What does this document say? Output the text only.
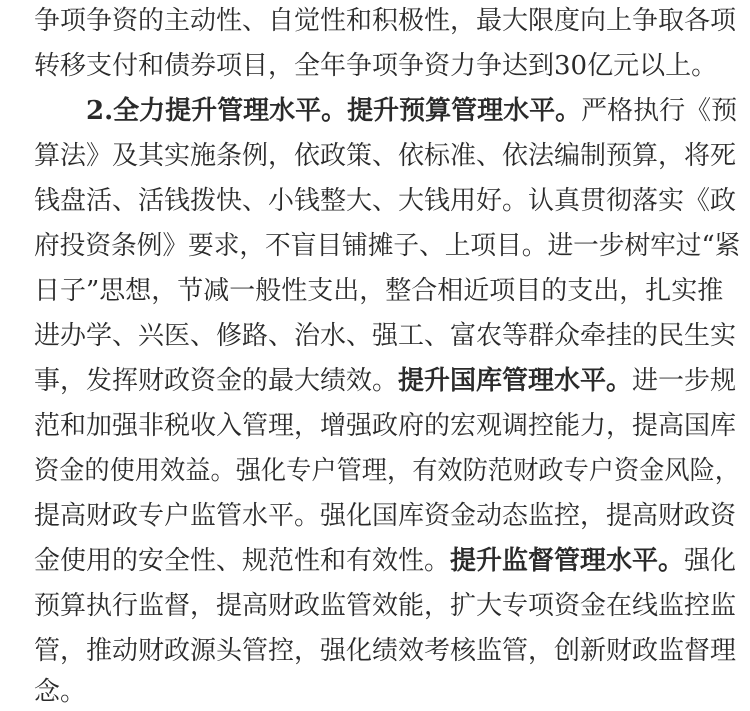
争项争资的主动性、自觉性和积极性，最大限度向上争取各项
转移支付和债券项目，全年争项争资力争达到30亿元以上。
2.全力提升管理水平。提升预算管理水平。严格执行《预
算法》及其实施条例，依政策、依标准、依法编制预算，将死
钱盘活、活钱拨快、小钱整大、大钱用好。认真贯彻落实《政
府投资条例》要求，不盲目铺摊子、上项目。进一步树牢过“紧
日子”思想，节减一般性支出，整合相近项目的支出，扎实推
进办学、兴医、修路、治水、强工、富农等群众牵挂的民生实
事，发挥财政资金的最大绩效。提升国库管理水平。进一步规
范和加强非税收入管理，增强政府的宏观调控能力，提高国库
资金的使用效益。强化专户管理，有效防范财政专户资金风险，
提高财政专户监管水平。强化国库资金动态监控，提高财政资
金使用的安全性、规范性和有效性。提升监督管理水平。强化
预算执行监督，提高财政监管效能，扩大专项资金在线监控监
管，推动财政源头管控，强化绩效考核监管，创新财政监督理
念。
